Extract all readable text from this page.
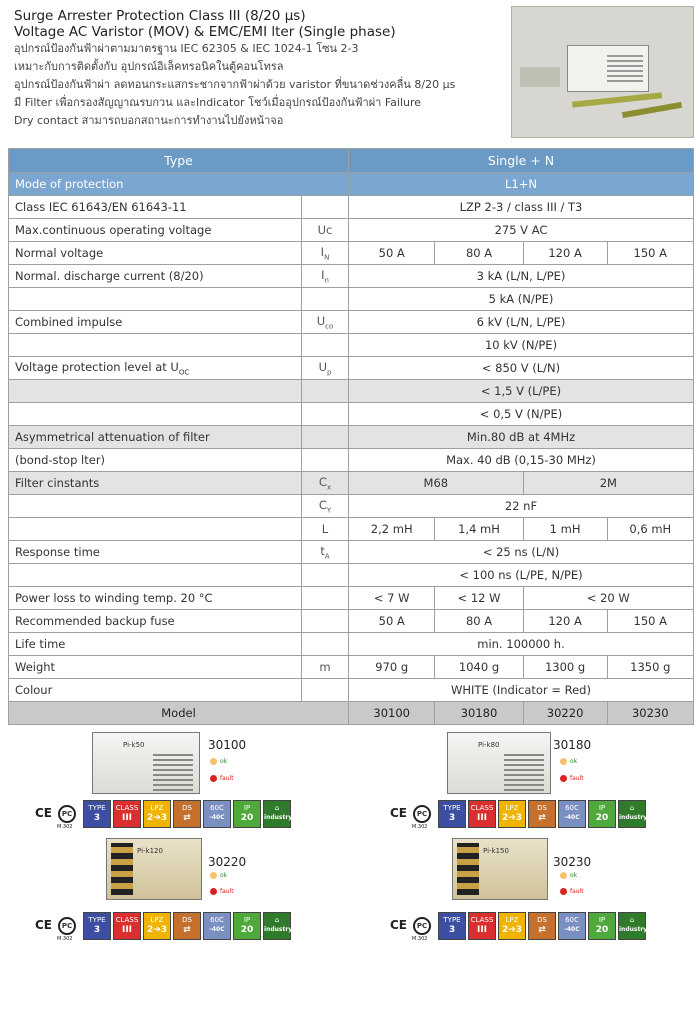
Surge Arrester Protection Class III (8/20 µs)

Voltage AC Varistor (MOV) & EMC/EMI lter (Single phase)

อุปกรณ์ป้องกันฟ้าผ่าตามมาตรฐาน IEC 62305 & IEC 1024-1 โซน 2-3

เหมาะกับการติดตั้งกับ อุปกรณ์อิเล็คทรอนิคในตู้คอนโทรล

อุปกรณ์ป้องกันฟ้าผ่า ลดทอนกระแสกระชากจากฟ้าผ่าด้วย varistor ที่ขนาดช่วงคลื่น 8/20 µs

มี Filter เพื่อกรองสัญญาณรบกวน และIndicator โชว์เมื่ออุปกรณ์ป้องกันฟ้าผ่า Failure

Dry contact สามารถบอกสถานะการทำงานไปยังหน้าจอ

Type		Single + N			
Mode of protection		L1+N			
Class IEC 61643/EN 61643-11		LZP 2-3 / class III / T3			
Max.continuous operating voltage	Uc	275 V AC			
Normal voltage	$I_N$	50 A	80 A	120 A	150 A
Normal. discharge current (8/20)	$I_n$	3 kA (L/N, L/PE)			
		5 kA (N/PE)			
Combined impulse	$U_{co}$	6 kV (L/N, L/PE)			
		10 kV (N/PE)			
Voltage protection level at $U_{OC}$	$U_p$	< 850 V (L/N)			
		< 1,5 V (L/PE)			
		< 0,5 V (N/PE)			
Asymmetrical attenuation of filter		Min.80 dB at 4MHz			
(bond-stop lter)		Max. 40 dB (0,15-30 MHz)			
Filter cinstants	$C_x$	M68		2M	
	$C_Y$	22 nF			
	L	2,2 mH	1,4 mH	1 mH	0,6 mH
Response time	$t_A$	< 25 ns (L/N)			
		< 100 ns (L/PE, N/PE)			
Power loss to winding temp. 20 °C		< 7 W	< 12 W	< 20 W	
Recommended backup fuse		50 A	80 A	120 A	150 A
Life time		min. 100000 h.			
Weight	m	970 g	1040 g	1300 g	1350 g
Colour		WHITE (Indicator = Red)			
Model		30100	30180	30220	30230
Pi-k50	30100
ok
fault
Pi-k80	30180
ok
fault
Pi-k120
30220
ok
fault
Pi-k150
30230
ok
fault
CE	PC
M.302
TYPE
3
CLASS
III
LPZ
2➔3
DS
⇄
60C
-40C
IP
20
⌂
industry	CE	PC
M.302
TYPE
3
CLASS
III
LPZ
2➔3
DS
⇄
60C
-40C
IP
20
⌂
industry
CE	PC
M.302
TYPE
3
CLASS
III
LPZ
2➔3
DS
⇄
60C
-40C
IP
20
⌂
industry	CE	PC
M.302
TYPE
3
CLASS
III
LPZ
2➔3
DS
⇄
60C
-40C
IP
20
⌂
industry
